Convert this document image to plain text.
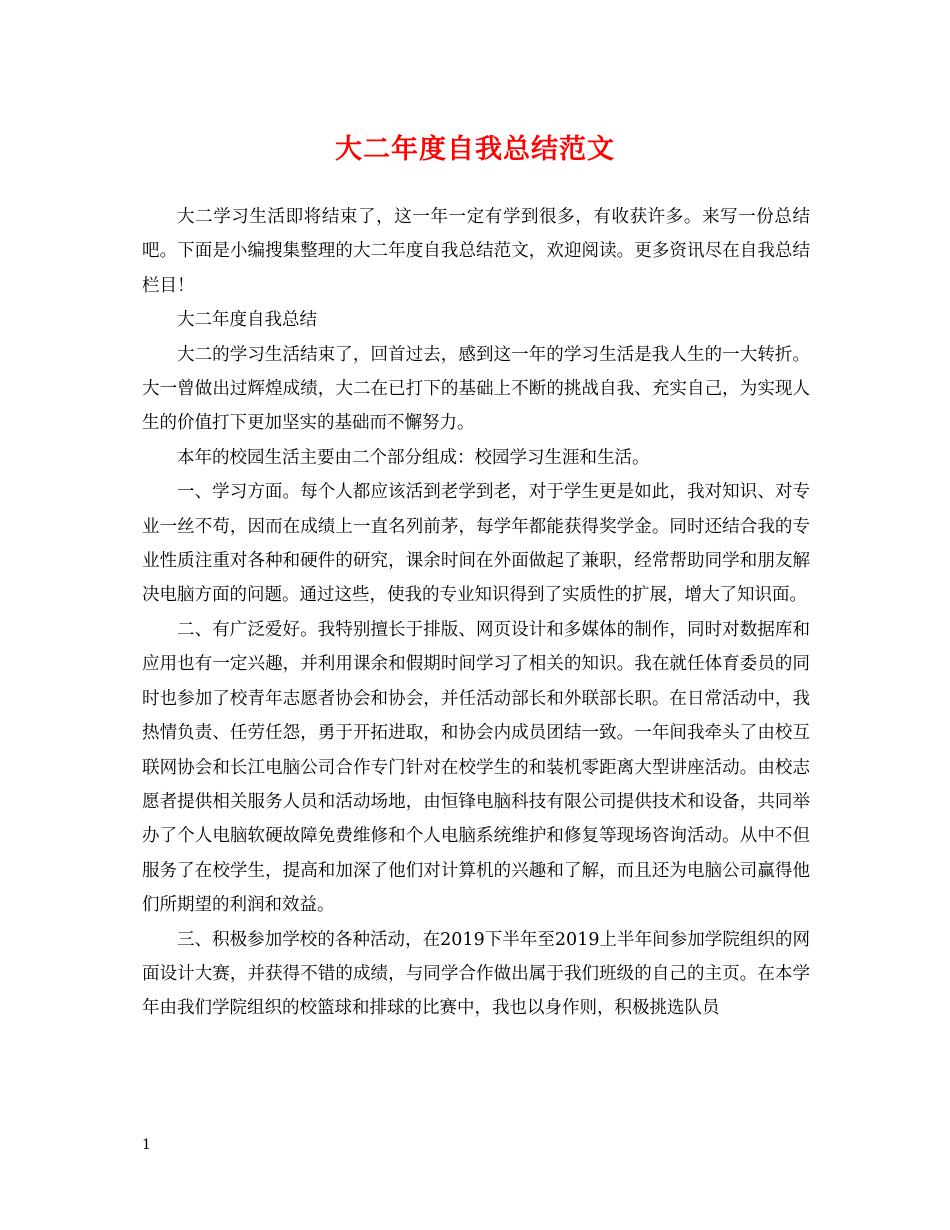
大二年度自我总结范文

大二学习生活即将结束了，这一年一定有学到很多，有收获许多。来写一份总结吧。下面是小编搜集整理的大二年度自我总结范文，欢迎阅读。更多资讯尽在自我总结栏目！

大二年度自我总结

大二的学习生活结束了，回首过去，感到这一年的学习生活是我人生的一大转折。大一曾做出过辉煌成绩，大二在已打下的基础上不断的挑战自我、充实自己，为实现人生的价值打下更加坚实的基础而不懈努力。

本年的校园生活主要由二个部分组成：校园学习生涯和生活。

一、学习方面。每个人都应该活到老学到老，对于学生更是如此，我对知识、对专业一丝不苟，因而在成绩上一直名列前茅，每学年都能获得奖学金。同时还结合我的专业性质注重对各种和硬件的研究，课余时间在外面做起了兼职，经常帮助同学和朋友解决电脑方面的问题。通过这些，使我的专业知识得到了实质性的扩展，增大了知识面。

二、有广泛爱好。我特别擅长于排版、网页设计和多媒体的制作，同时对数据库和应用也有一定兴趣，并利用课余和假期时间学习了相关的知识。我在就任体育委员的同时也参加了校青年志愿者协会和协会，并任活动部长和外联部长职。在日常活动中，我热情负责、任劳任怨，勇于开拓进取，和协会内成员团结一致。一年间我牵头了由校互联网协会和长江电脑公司合作专门针对在校学生的和装机零距离大型讲座活动。由校志愿者提供相关服务人员和活动场地，由恒锋电脑科技有限公司提供技术和设备，共同举办了个人电脑软硬故障免费维修和个人电脑系统维护和修复等现场咨询活动。从中不但服务了在校学生，提高和加深了他们对计算机的兴趣和了解，而且还为电脑公司赢得他们所期望的利润和效益。

三、积极参加学校的各种活动，在2019下半年至2019上半年间参加学院组织的网面设计大赛，并获得不错的成绩，与同学合作做出属于我们班级的自己的主页。在本学年由我们学院组织的校篮球和排球的比赛中，我也以身作则，积极挑选队员

1
